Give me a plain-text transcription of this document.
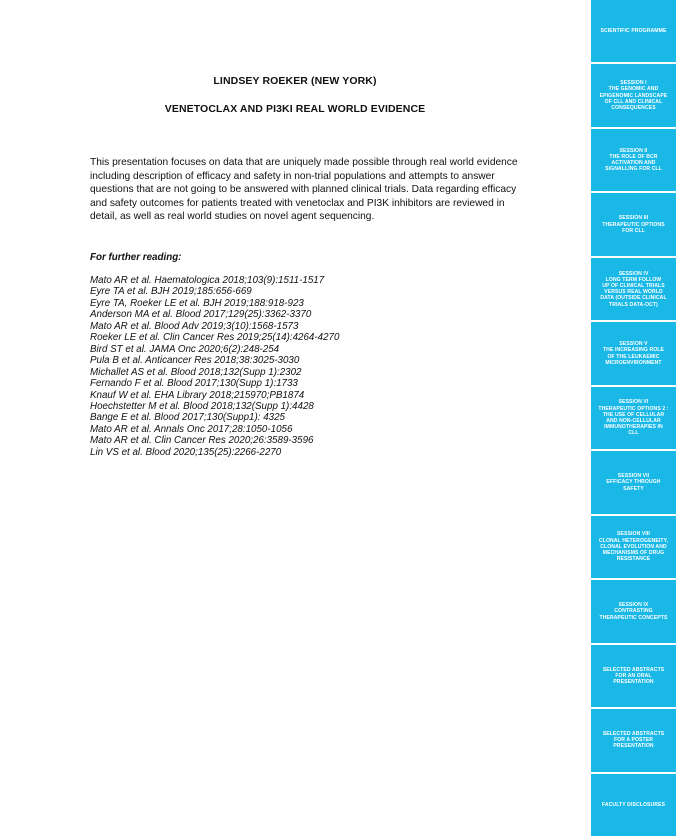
LINDSEY ROEKER (NEW YORK)
VENETOCLAX AND PI3KI REAL WORLD EVIDENCE

This presentation focuses on data that are uniquely made possible through real world evidence including description of efficacy and safety in non-trial populations and attempts to answer questions that are not going to be answered with planned clinical trials. Data regarding efficacy and safety outcomes for patients treated with venetoclax and PI3K inhibitors are reviewed in detail, as well as real world studies on novel agent sequencing.

For further reading:
Mato AR et al. Haematologica 2018;103(9):1511-1517
Eyre TA et al. BJH 2019;185:656-669
Eyre TA, Roeker LE et al. BJH 2019;188:918-923
Anderson MA et al. Blood 2017;129(25):3362-3370
Mato AR et al. Blood Adv 2019;3(10):1568-1573
Roeker LE et al. Clin Cancer Res 2019;25(14):4264-4270
Bird ST et al. JAMA Onc 2020;6(2):248-254
Pula B et al. Anticancer Res 2018;38:3025-3030
Michallet AS et al. Blood 2018;132(Supp 1):2302
Fernando F et al. Blood 2017;130(Supp 1):1733
Knauf W et al. EHA Library 2018;215970;PB1874
Hoechstetter M et al. Blood 2018;132(Supp 1):4428
Bange E et al. Blood 2017;130(Supp1): 4325
Mato AR et al. Annals Onc 2017;28:1050-1056
Mato AR et al. Clin Cancer Res 2020;26:3589-3596
Lin VS et al. Blood 2020;135(25):2266-2270
SCIENTIFIC PROGRAMME
SESSION I
THE GENOMIC AND
EPIGENOMIC LANDSCAPE
OF CLL AND CLINICAL
CONSEQUENCES
SESSION II
THE ROLE OF BCR
ACTIVATION AND
SIGNALLING FOR CLL
SESSION III
THERAPEUTIC OPTIONS
FOR CLL
SESSION IV
LONG TERM FOLLOW
UP OF CLINICAL TRIALS
VERSUS REAL WORLD
DATA (OUTSIDE CLINICAL
TRIALS DATA-OCT)
SESSION V
THE INCREASING ROLE
OF THE LEUKAEMIC
MICROENVIRONMENT
SESSION VI
THERAPEUTIC OPTIONS 2 :
THE USE OF CELLULAR
AND NON-CELLULAR
IMMUNOTHERAPIES IN
CLL
SESSION VII
EFFICACY THROUGH
SAFETY
SESSION VIII
CLONAL HETEROGENEITY,
CLONAL EVOLUTION AND
MECHANISMS OF DRUG
RESISTANCE
SESSION IX
CONTRASTING
THERAPEUTIC CONCEPTS
SELECTED ABSTRACTS
FOR AN ORAL
PRESENTATION
SELECTED ABSTRACTS
FOR A POSTER
PRESENTATION
FACULTY DISCLOSURES
